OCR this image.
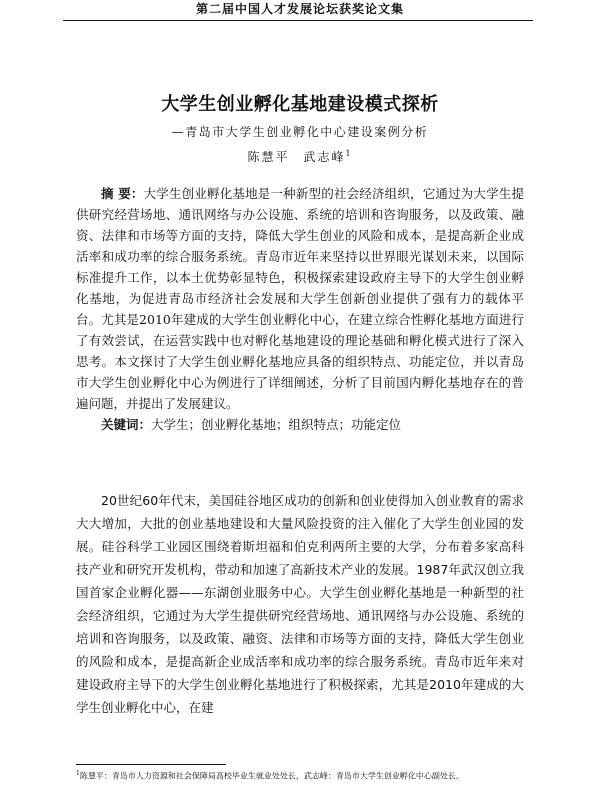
第二届中国人才发展论坛获奖论文集
大学生创业孵化基地建设模式探析
—青岛市大学生创业孵化中心建设案例分析
陈慧平　武志峰$^1$

摘 要：大学生创业孵化基地是一种新型的社会经济组织，它通过为大学生提供研究经营场地、通讯网络与办公设施、系统的培训和咨询服务，以及政策、融资、法律和市场等方面的支持，降低大学生创业的风险和成本，是提高新企业成活率和成功率的综合服务系统。青岛市近年来坚持以世界眼光谋划未来，以国际标准提升工作，以本土优势彰显特色，积极探索建设政府主导下的大学生创业孵化基地，为促进青岛市经济社会发展和大学生创新创业提供了强有力的载体平台。尤其是2010年建成的大学生创业孵化中心，在建立综合性孵化基地方面进行了有效尝试，在运营实践中也对孵化基地建设的理论基础和孵化模式进行了深入思考。本文探讨了大学生创业孵化基地应具备的组织特点、功能定位，并以青岛市大学生创业孵化中心为例进行了详细阐述，分析了目前国内孵化基地存在的普遍问题，并提出了发展建议。

关键词：大学生；创业孵化基地；组织特点；功能定位

20世纪60年代末，美国硅谷地区成功的创新和创业使得加入创业教育的需求大大增加，大批的创业基地建设和大量风险投资的注入催化了大学生创业园的发展。硅谷科学工业园区围绕着斯坦福和伯克利两所主要的大学，分布着多家高科技产业和研究开发机构，带动和加速了高新技术产业的发展。1987年武汉创立我国首家企业孵化器——东湖创业服务中心。大学生创业孵化基地是一种新型的社会经济组织，它通过为大学生提供研究经营场地、通讯网络与办公设施、系统的培训和咨询服务，以及政策、融资、法律和市场等方面的支持，降低大学生创业的风险和成本，是提高新企业成活率和成功率的综合服务系统。青岛市近年来对建设政府主导下的大学生创业孵化基地进行了积极探索，尤其是2010年建成的大学生创业孵化中心，在建

$^1$陈慧平：青岛市人力资源和社会保障局高校毕业生就业处处长，武志峰：青岛市大学生创业孵化中心副处长。
